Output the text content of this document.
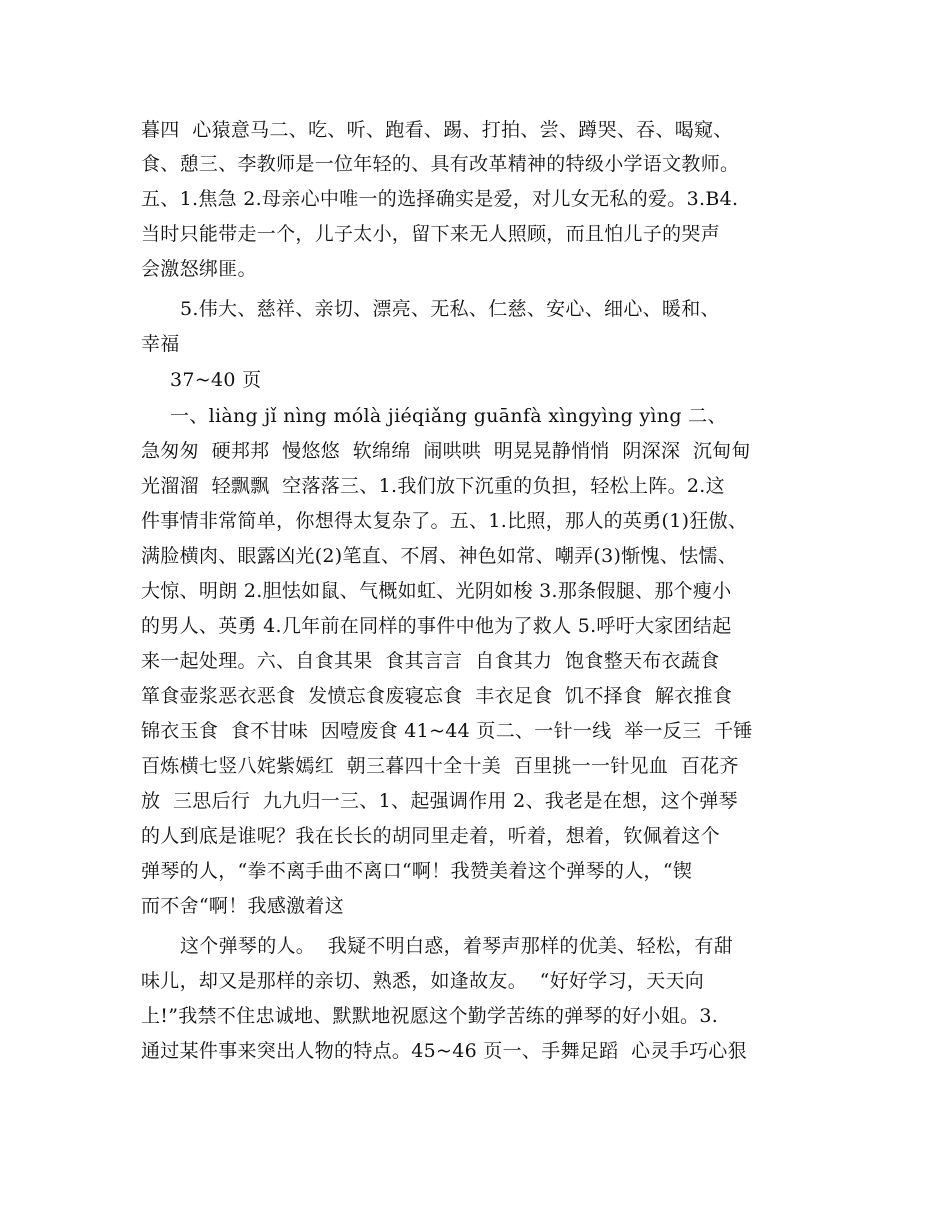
暮四  心猿意马二、吃、听、跑看、踢、打拍、尝、蹲哭、吞、喝窥、
食、憩三、李教师是一位年轻的、具有改革精神的特级小学语文教师。
五、1.焦急 2.母亲心中唯一的选择确实是爱，对儿女无私的爱。3.B4.
当时只能带走一个，儿子太小，留下来无人照顾，而且怕儿子的哭声
会激怒绑匪。
5.伟大、慈祥、亲切、漂亮、无私、仁慈、安心、细心、暖和、
幸福
37~40 页
一、liàng jǐ nìng mólà jiéqiǎng guānfà xìngyìng yìng 二、
急匆匆  硬邦邦  慢悠悠  软绵绵  闹哄哄  明晃晃静悄悄  阴深深  沉甸甸
光溜溜  轻飘飘  空落落三、1.我们放下沉重的负担，轻松上阵。2.这
件事情非常简单，你想得太复杂了。五、1.比照，那人的英勇(1)狂傲、
满脸横肉、眼露凶光(2)笔直、不屑、神色如常、嘲弄(3)惭愧、怯懦、
大惊、明朗 2.胆怯如鼠、气概如虹、光阴如梭 3.那条假腿、那个瘦小
的男人、英勇 4.几年前在同样的事件中他为了救人 5.呼吁大家团结起
来一起处理。六、自食其果  食其言言  自食其力  饱食整天布衣蔬食
箪食壶浆恶衣恶食  发愤忘食废寝忘食  丰衣足食  饥不择食  解衣推食
锦衣玉食  食不甘味  因噎废食 41~44 页二、一针一线  举一反三  千锤
百炼横七竖八姹紫嫣红  朝三暮四十全十美  百里挑一一针见血  百花齐
放  三思后行  九九归一三、1、起强调作用 2、我老是在想，这个弹琴
的人到底是谁呢？我在长长的胡同里走着，听着，想着，钦佩着这个
弹琴的人，“拳不离手曲不离口“啊！我赞美着这个弹琴的人，“锲
而不舍“啊！我感激着这
这个弹琴的人。  我疑不明白惑，着琴声那样的优美、轻松，有甜
味儿，却又是那样的亲切、熟悉，如逢故友。  “好好学习，天天向
上!”我禁不住忠诚地、默默地祝愿这个勤学苦练的弹琴的好小姐。3.
通过某件事来突出人物的特点。45~46 页一、手舞足蹈  心灵手巧心狠
